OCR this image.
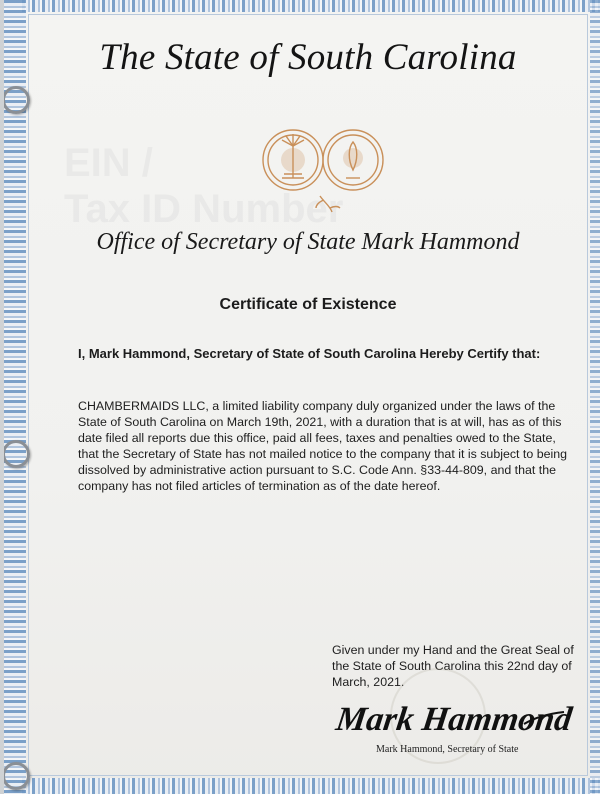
EIN /
Tax ID Number
The State of South Carolina
Office of Secretary of State Mark Hammond
Certificate of Existence
I, Mark Hammond, Secretary of State of South Carolina Hereby Certify that:
CHAMBERMAIDS LLC, a limited liability company duly organized under the laws of the State of South Carolina on March 19th, 2021, with a duration that is at will, has as of this date filed all reports due this office, paid all fees, taxes and penalties owed to the State, that the Secretary of State has not mailed notice to the company that it is subject to being dissolved by administrative action pursuant to S.C. Code Ann. §33-44-809, and that the company has not filed articles of termination as of the date hereof.
Given under my Hand and the Great Seal of the State of South Carolina this 22nd day of March, 2021.
Mark Hammond
Mark Hammond, Secretary of State
